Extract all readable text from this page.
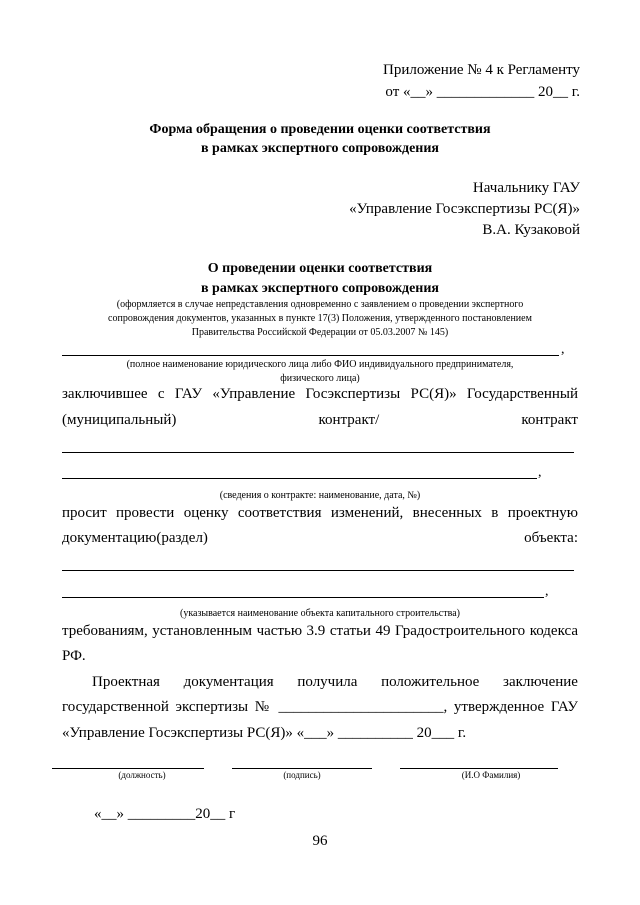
Приложение № 4 к Регламенту
от «__» _____________ 20__ г.
Форма обращения о проведении оценки соответствия
в рамках экспертного сопровождения
Начальнику ГАУ
«Управление Госэкспертизы РС(Я)»
В.А. Кузаковой
О проведении оценки соответствия
в рамках экспертного сопровождения
(оформляется в случае непредставления одновременно с заявлением о проведении экспертного
сопровождения документов, указанных в пункте 17(3) Положения, утвержденного постановлением
Правительства Российской Федерации от 05.03.2007 № 145)
,
(полное наименование юридического лица либо ФИО индивидуального предпринимателя,
физического лица)
заключившее с ГАУ «Управление Госэкспертизы РС(Я)» Государственный
(муниципальный)	контракт/	контракт
,
(сведения о контракте: наименование, дата, №)
просит провести оценку соответствия изменений, внесенных в проектную
документацию(раздел)	объекта:
,
(указывается наименование объекта капитального строительства)
требованиям, установленным частью 3.9 статьи 49 Градостроительного кодекса
РФ.
Проектная документация получила положительное заключение
государственной экспертизы № ______________________, утвержденное ГАУ
«Управление Госэкспертизы РС(Я)» «___» __________ 20___ г.
(должность)	(подпись)	(И.О Фамилия)
«__» _________20__ г
96
